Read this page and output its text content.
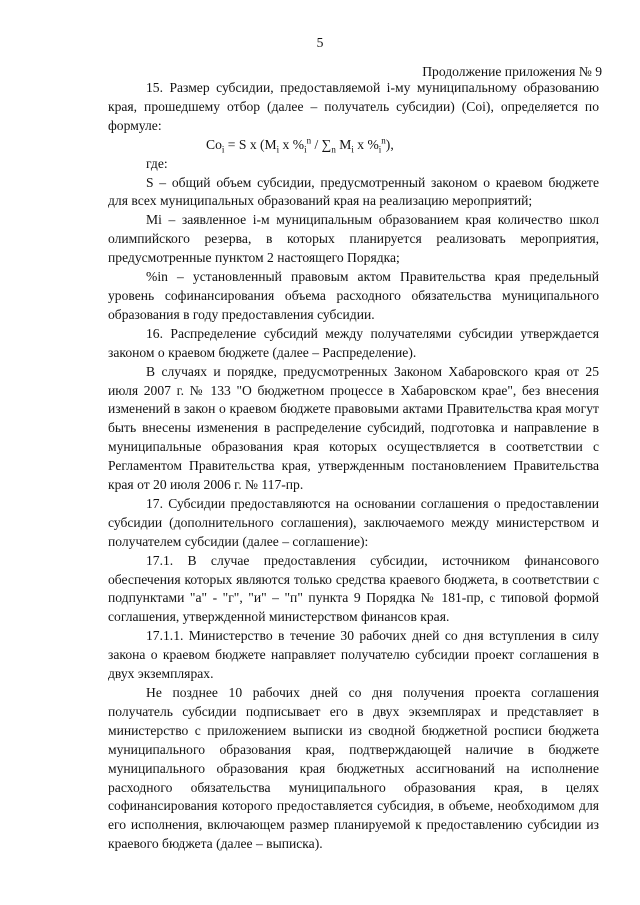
5
Продолжение приложения № 9

15. Размер субсидии, предоставляемой i-му муниципальному образованию края, прошедшему отбор (далее – получатель субсидии) (Coi), определяется по формуле:

$Co_i = S$ x ($M_i$ x $\%_i^n / \sum_n$ $M_i$ x $\%_i^n$),

где:

S – общий объем субсидии, предусмотренный законом о краевом бюджете для всех муниципальных образований края на реализацию мероприятий;

Mi – заявленное i-м муниципальным образованием края количество школ олимпийского резерва, в которых планируется реализовать мероприятия, предусмотренные пунктом 2 настоящего Порядка;

%in – установленный правовым актом Правительства края предельный уровень софинансирования объема расходного обязательства муниципального образования в году предоставления субсидии.

16. Распределение субсидий между получателями субсидии утверждается законом о краевом бюджете (далее – Распределение).

В случаях и порядке, предусмотренных Законом Хабаровского края от 25 июля 2007 г. № 133 "О бюджетном процессе в Хабаровском крае", без внесения изменений в закон о краевом бюджете правовыми актами Правительства края могут быть внесены изменения в распределение субсидий, подготовка и направление в муниципальные образования края которых осуществляется в соответствии с Регламентом Правительства края, утвержденным постановлением Правительства края от 20 июля 2006 г. № 117-пр.

17. Субсидии предоставляются на основании соглашения о предоставлении субсидии (дополнительного соглашения), заключаемого между министерством и получателем субсидии (далее – соглашение):

17.1. В случае предоставления субсидии, источником финансового обеспечения которых являются только средства краевого бюджета, в соответствии с подпунктами "а" - "г", "и" – "п" пункта 9 Порядка № 181-пр, с типовой формой соглашения, утвержденной министерством финансов края.

17.1.1. Министерство в течение 30 рабочих дней со дня вступления в силу закона о краевом бюджете направляет получателю субсидии проект соглашения в двух экземплярах.

Не позднее 10 рабочих дней со дня получения проекта соглашения получатель субсидии подписывает его в двух экземплярах и представляет в министерство с приложением выписки из сводной бюджетной росписи бюджета муниципального образования края, подтверждающей наличие в бюджете муниципального образования края бюджетных ассигнований на исполнение расходного обязательства муниципального образования края, в целях софинансирования которого предоставляется субсидия, в объеме, необходимом для его исполнения, включающем размер планируемой к предоставлению субсидии из краевого бюджета (далее – выписка).
